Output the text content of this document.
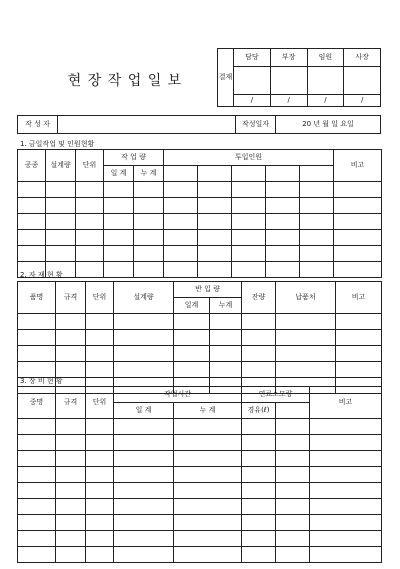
현 장 작 업 일 보	결재	담당	부장	임원	사장

	/	/	/	/
작 성 자		작성일자	20 년 월 일 요일
1. 금일작업 및 인원현황
공종	설계량	단위	작 업 량		투입인원					비고
			일 계	누 계						

2. 자 재 현 황
품명	규격	단위	설계량	반 입 량		잔량	납품처	비고
				일계	누계			

3. 장 비 현 황
중명	규격	단위	작업시간		연료소모량		비고
			일 계	누 계	경유(ℓ)		
